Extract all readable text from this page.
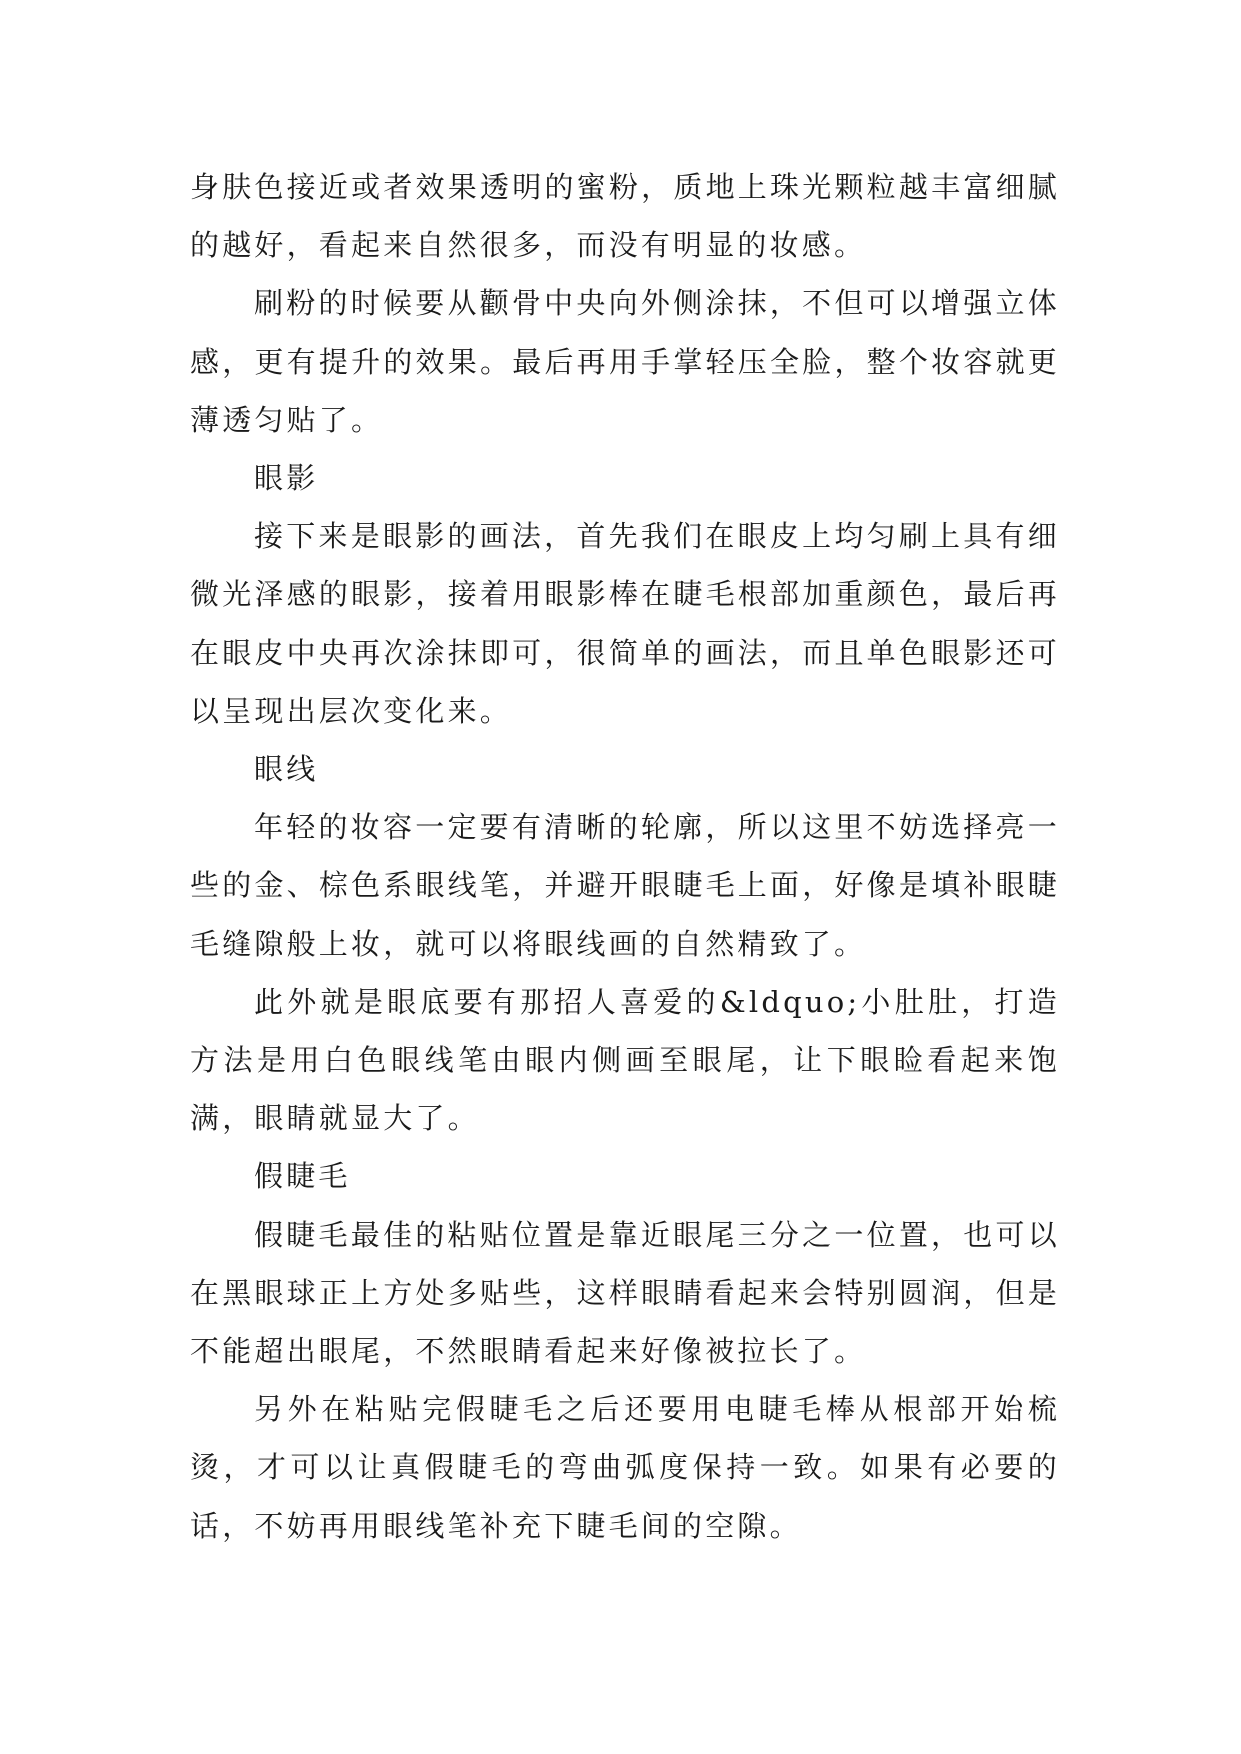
身肤色接近或者效果透明的蜜粉，质地上珠光颗粒越丰富细腻的越好，看起来自然很多，而没有明显的妆感。

刷粉的时候要从颧骨中央向外侧涂抹，不但可以增强立体感，更有提升的效果。最后再用手掌轻压全脸，整个妆容就更薄透匀贴了。

眼影

接下来是眼影的画法，首先我们在眼皮上均匀刷上具有细微光泽感的眼影，接着用眼影棒在睫毛根部加重颜色，最后再在眼皮中央再次涂抹即可，很简单的画法，而且单色眼影还可以呈现出层次变化来。

眼线

年轻的妆容一定要有清晰的轮廓，所以这里不妨选择亮一些的金、棕色系眼线笔，并避开眼睫毛上面，好像是填补眼睫毛缝隙般上妆，就可以将眼线画的自然精致了。

此外就是眼底要有那招人喜爱的&ldquo;小肚肚，打造方法是用白色眼线笔由眼内侧画至眼尾，让下眼睑看起来饱满，眼睛就显大了。

假睫毛

假睫毛最佳的粘贴位置是靠近眼尾三分之一位置，也可以在黑眼球正上方处多贴些，这样眼睛看起来会特别圆润，但是不能超出眼尾，不然眼睛看起来好像被拉长了。

另外在粘贴完假睫毛之后还要用电睫毛棒从根部开始梳烫，才可以让真假睫毛的弯曲弧度保持一致。如果有必要的话，不妨再用眼线笔补充下睫毛间的空隙。
